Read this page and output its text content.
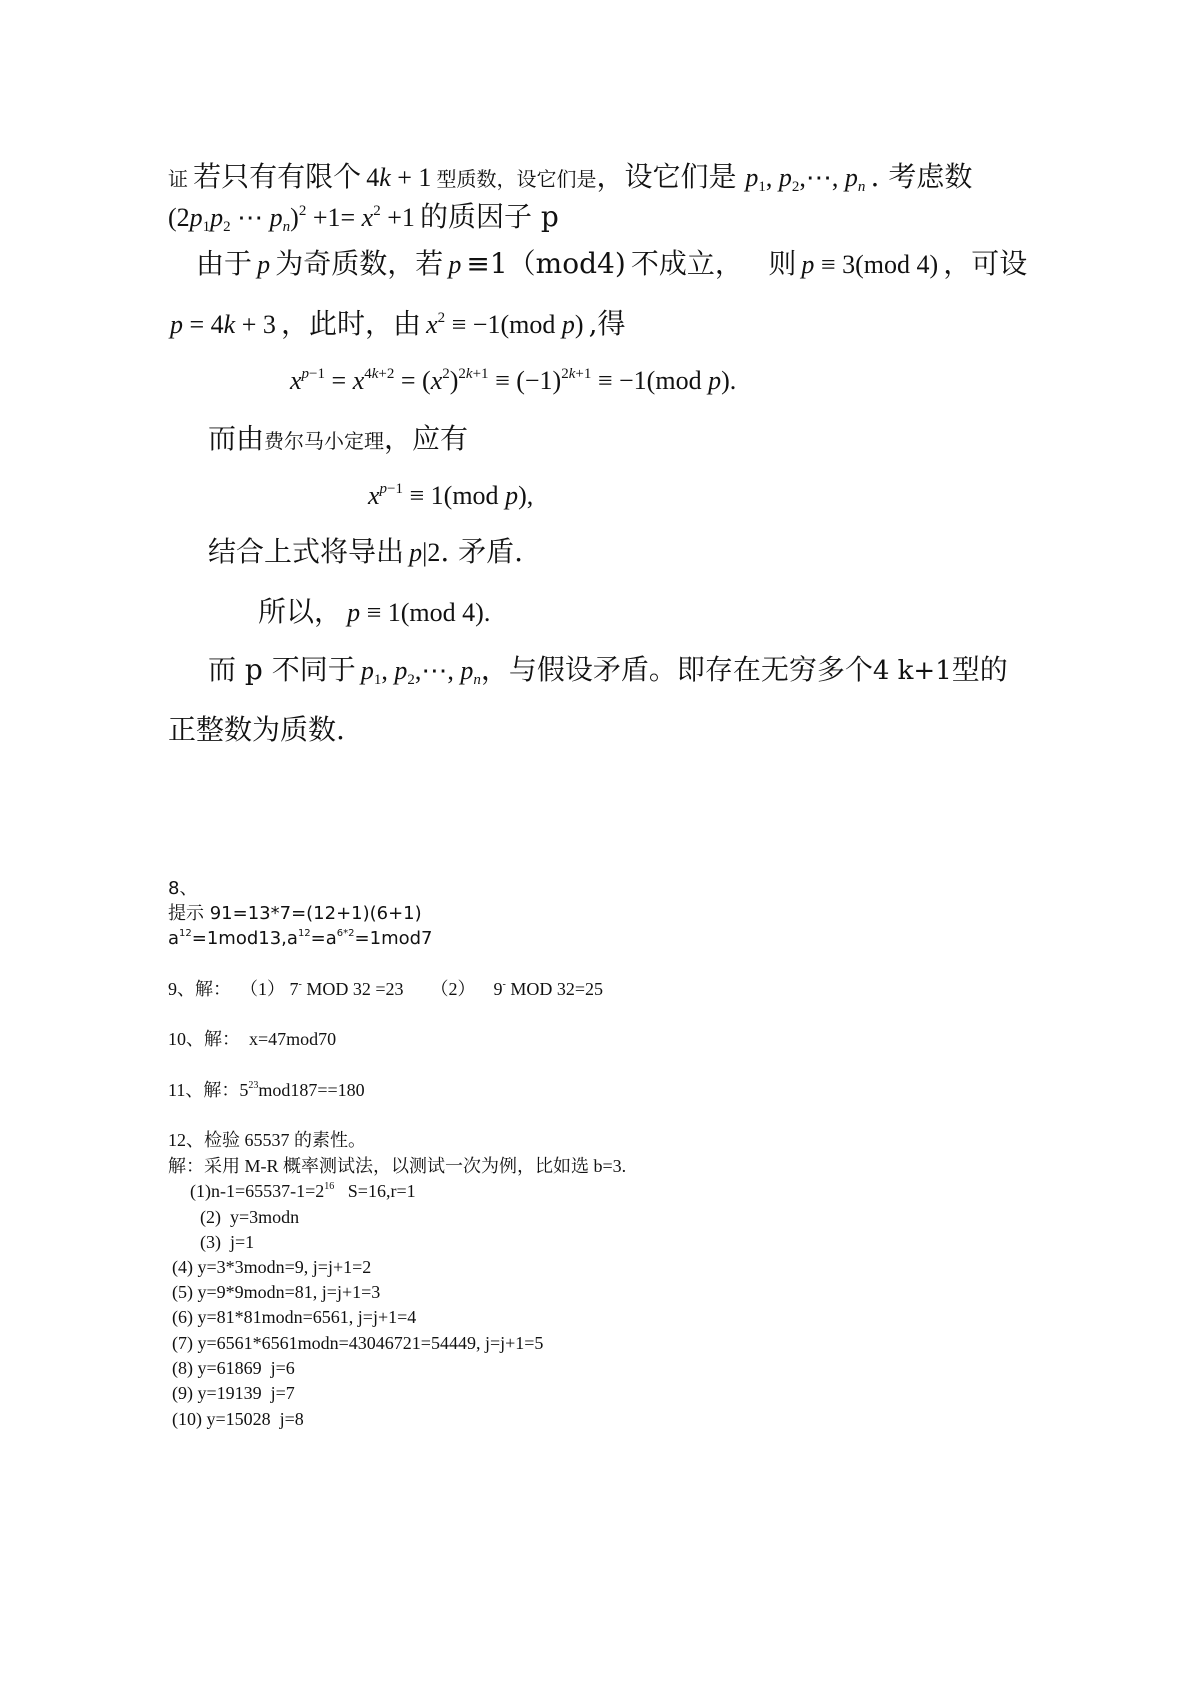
证 若只有有限个 4k + 1 型质数，设它们是，设它们是 $p_1$, $p_2,\cdots$, $p_n$ . 考虑数
($2p_1p_2$ ⋯ $p_n)^2 +1= x^2 +1$ 的质因子 p
由于 p 为奇质数，若 p ≡1（mod4) 不成立， 则 p ≡ 3(mod 4) ，可设
p = 4k + 3 ，此时，由 $x^2 \equiv -1(mod$ p) ,得
$x^{p-1} = x^{4k+2} = (x^2)^{2k+1} \equiv (-1)^{2k+1} \equiv -1(mod$ p).
而由费尔马小定理，应有
$x^{p-1} \equiv 1(mod$ p),
结合上式将导出 p|2. 矛盾.
所以， p ≡ 1(mod 4).
而 p 不同于 $p_1$, $p_2,\cdots$, $p_n$，与假设矛盾。即存在无穷多个4 k+1型的
正整数为质数.
8、
提示 91=13*7=(12+1)(6+1)
$a^{12}=1mod13,a^{12}=a^{6*2}=1mod7$
9、解：  （1） 7- MOD 32 =23      （2）    9- MOD 32=25
10、解：  x=47mod70
11、解：$5^{23}mod187==180$
12、检验 65537 的素性。
解：采用 M-R 概率测试法，以测试一次为例，比如选 b=3.
$(1)n-1=65537-1=2^{16}$   S=16,r=1
(2)  y=3modn
(3)  j=1
(4) y=3*3modn=9, j=j+1=2
(5) y=9*9modn=81, j=j+1=3
(6) y=81*81modn=6561, j=j+1=4
(7) y=6561*6561modn=43046721=54449, j=j+1=5
(8) y=61869  j=6
(9) y=19139  j=7
(10) y=15028  j=8
